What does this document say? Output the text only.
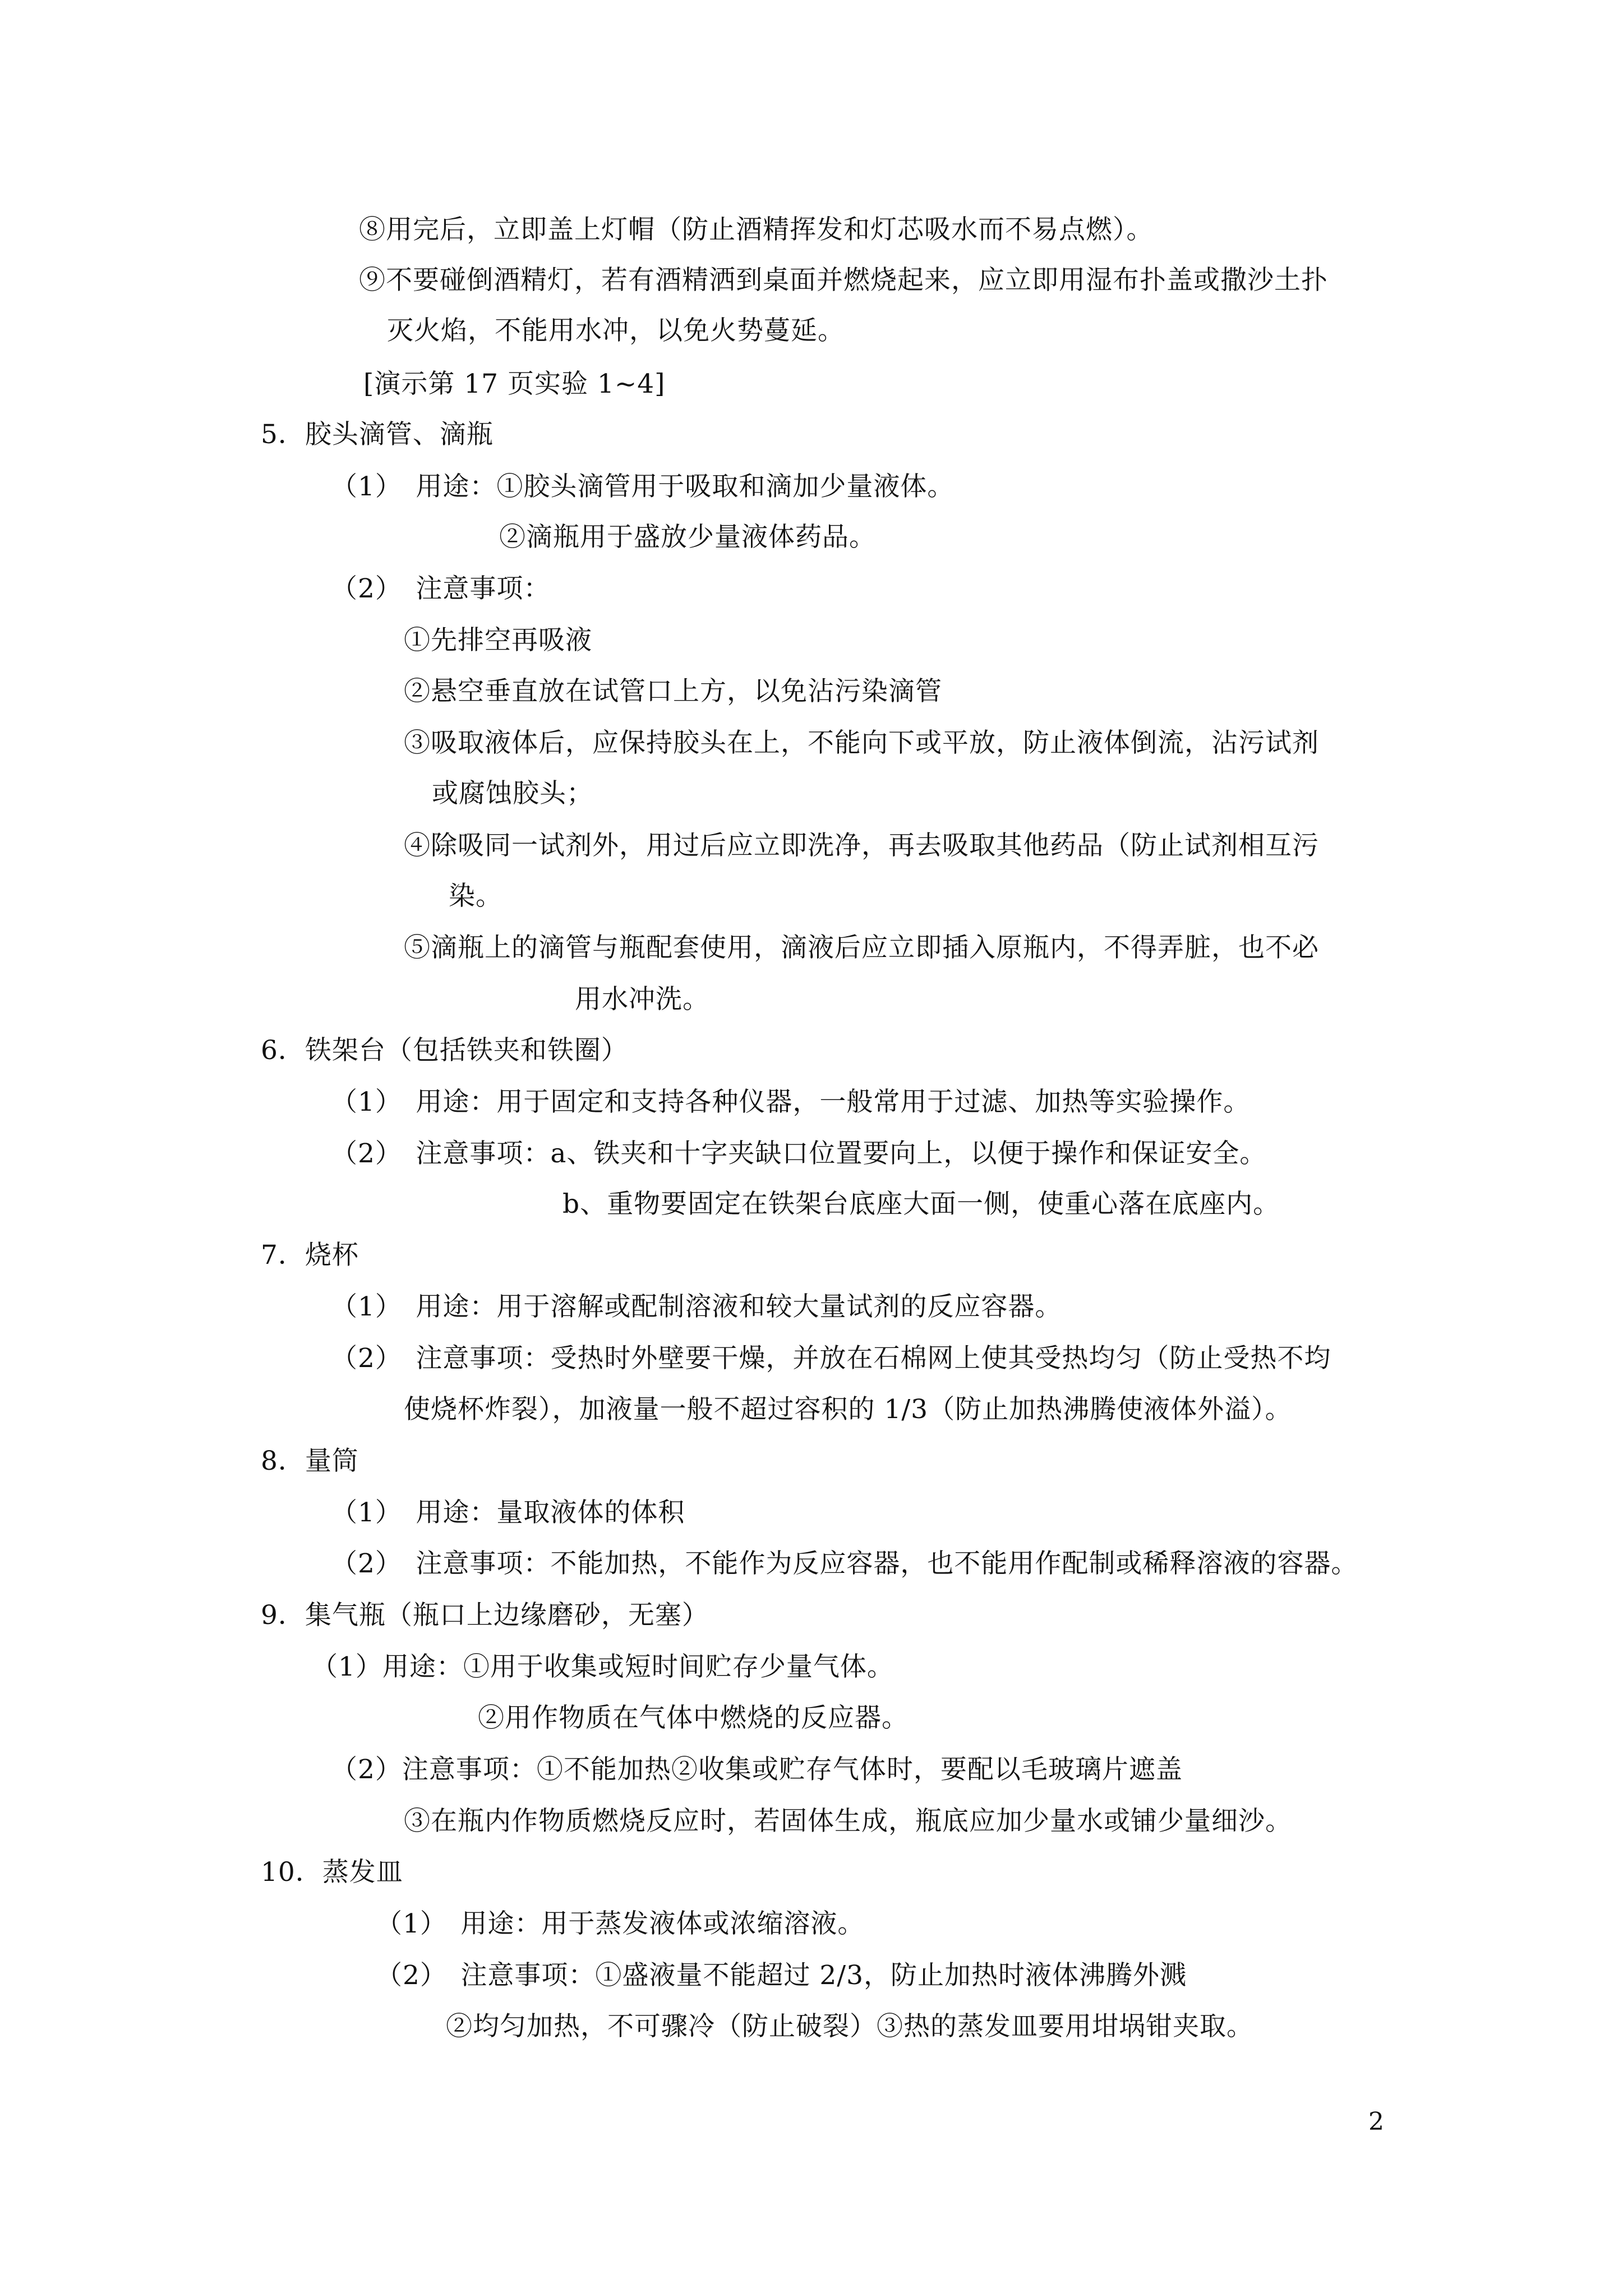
⑧用完后，立即盖上灯帽（防止酒精挥发和灯芯吸水而不易点燃）。
⑨不要碰倒酒精灯，若有酒精洒到桌面并燃烧起来，应立即用湿布扑盖或撒沙土扑
灭火焰，不能用水冲，以免火势蔓延。
[演示第 17 页实验 1~4]
5．胶头滴管、滴瓶
（1）　用途：①胶头滴管用于吸取和滴加少量液体。
②滴瓶用于盛放少量液体药品。
（2）　注意事项：
①先排空再吸液
②悬空垂直放在试管口上方，以免沾污染滴管
③吸取液体后，应保持胶头在上，不能向下或平放，防止液体倒流，沾污试剂
或腐蚀胶头；
④除吸同一试剂外，用过后应立即洗净，再去吸取其他药品（防止试剂相互污
染。
⑤滴瓶上的滴管与瓶配套使用，滴液后应立即插入原瓶内，不得弄脏，也不必
用水冲洗。
6．铁架台（包括铁夹和铁圈）
（1）　用途：用于固定和支持各种仪器，一般常用于过滤、加热等实验操作。
（2）　注意事项：a、铁夹和十字夹缺口位置要向上，以便于操作和保证安全。
b、重物要固定在铁架台底座大面一侧，使重心落在底座内。
7．烧杯
（1）　用途：用于溶解或配制溶液和较大量试剂的反应容器。
（2）　注意事项：受热时外壁要干燥，并放在石棉网上使其受热均匀（防止受热不均
使烧杯炸裂），加液量一般不超过容积的 1/3（防止加热沸腾使液体外溢）。
8．量筒
（1）　用途：量取液体的体积
（2）　注意事项：不能加热，不能作为反应容器，也不能用作配制或稀释溶液的容器。
9．集气瓶（瓶口上边缘磨砂，无塞）
（1）用途：①用于收集或短时间贮存少量气体。
②用作物质在气体中燃烧的反应器。
（2）注意事项：①不能加热②收集或贮存气体时，要配以毛玻璃片遮盖
③在瓶内作物质燃烧反应时，若固体生成，瓶底应加少量水或铺少量细沙。
10．蒸发皿
（1）　用途：用于蒸发液体或浓缩溶液。
（2）　注意事项：①盛液量不能超过 2/3，防止加热时液体沸腾外溅
②均匀加热，不可骤冷（防止破裂）③热的蒸发皿要用坩埚钳夹取。
2
